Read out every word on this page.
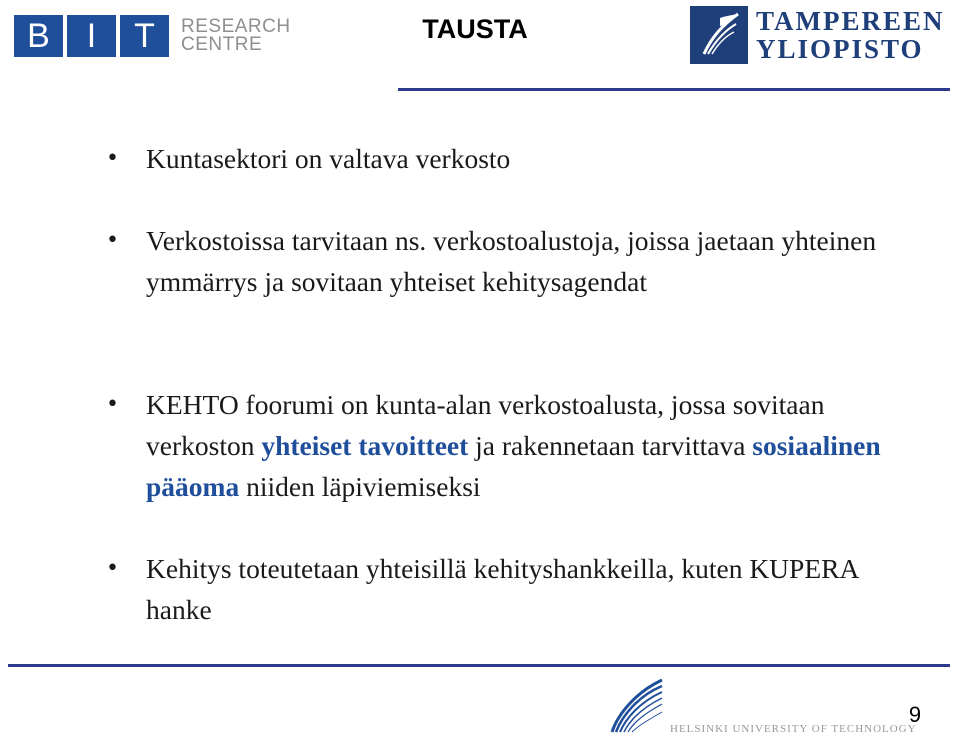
B	I	T	RESEARCH
CENTRE
TAUSTA	TAMPEREEN
YLIOPISTO
• Kuntasektori on valtava verkosto
• Verkostoissa tarvitaan ns. verkostoalustoja, joissa jaetaan yhteinen ymmärrys ja sovitaan yhteiset kehitysagendat
• KEHTO foorumi on kunta-alan verkostoalusta, jossa sovitaan verkoston yhteiset tavoitteet ja rakennetaan tarvittava sosiaalinen pääoma niiden läpiviemiseksi
• Kehitys toteutetaan yhteisillä kehityshankkeilla, kuten KUPERA hanke
HELSINKI UNIVERSITY OF TECHNOLOGY
9
